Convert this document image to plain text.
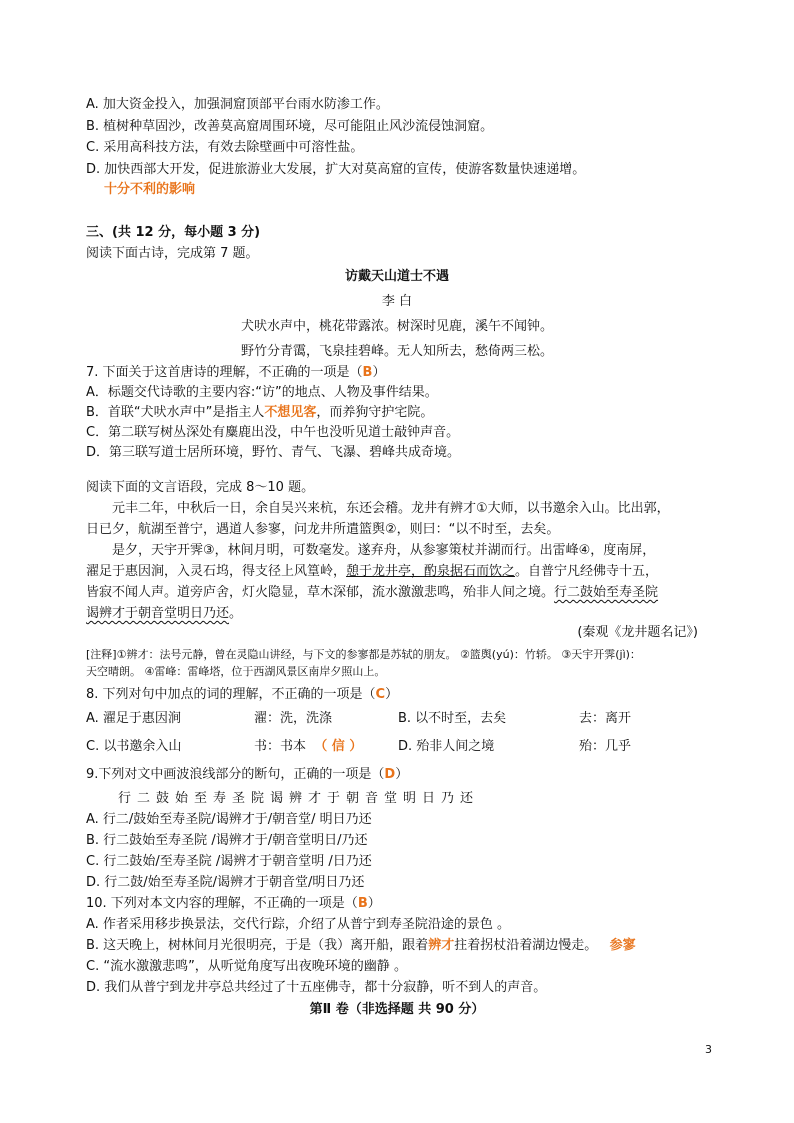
A. 加大资金投入，加强洞窟顶部平台雨水防渗工作。
B. 植树种草固沙，改善莫高窟周围环境，尽可能阻止风沙流侵蚀洞窟。
C. 采用高科技方法，有效去除壁画中可溶性盐。
D. 加快西部大开发，促进旅游业大发展，扩大对莫高窟的宣传，使游客数量快速递增。
十分不利的影响
三、(共 12 分，每小题 3 分)
阅读下面古诗，完成第 7 题。
访戴天山道士不遇
李 白
犬吠水声中，桃花带露浓。树深时见鹿，溪午不闻钟。
野竹分青霭，飞泉挂碧峰。无人知所去，愁倚两三松。
7. 下面关于这首唐诗的理解，不正确的一项是（B）
A．标题交代诗歌的主要内容:“访”的地点、人物及事件结果。
B．首联“犬吠水声中”是指主人不想见客，而养狗守护宅院。
C．第二联写树丛深处有麋鹿出没，中午也没听见道士敲钟声音。
D．第三联写道士居所环境，野竹、青气、飞瀑、碧峰共成奇境。
阅读下面的文言语段，完成 8～10 题。
元丰二年，中秋后一日，余自吴兴来杭，东还会稽。龙井有辨才①大师，以书邀余入山。比出郭，
日已夕，航湖至普宁，遇道人参寥，问龙井所遣篮舆②，则曰：“以不时至，去矣。
是夕，天宇开霁③，林间月明，可数毫发。遂弃舟，从参寥策杖并湖而行。出雷峰④，度南屏，
濯足于惠因涧，入灵石坞，得支径上风篁岭，憩于龙井亭，酌泉据石而饮之。自普宁凡经佛寺十五，
皆寂不闻人声。道旁庐舍，灯火隐显，草木深郁，流水激激悲鸣，殆非人间之境。行二鼓始至寿圣院
谒辨才于朝音堂明日乃还。
(秦观《龙井题名记》)
[注释]①辨才：法号元静，曾在灵隐山讲经，与下文的参寥都是苏轼的朋友。 ②篮舆(yú)：竹轿。 ③天宇开霁(jì)：
天空晴朗。 ④雷峰：雷峰塔，位于西湖风景区南岸夕照山上。
8. 下列对句中加点的词的理解，不正确的一项是（C）
A. 濯足于惠因涧	濯：洗，洗涤	B. 以不时至，去矣	去：离开
C. 以书邀余入山	书：书本 （ 信 ）	D. 殆非人间之境	殆：几乎
9.下列对文中画波浪线部分的断句，正确的一项是（D）
行二鼓始至寿圣院谒辨才于朝音堂明日乃还
A. 行二/鼓始至寿圣院/谒辨才于/朝音堂/ 明日乃还
B. 行二鼓始至寿圣院 /谒辨才于/朝音堂明日/乃还
C. 行二鼓始/至寿圣院 /谒辨才于朝音堂明 /日乃还
D. 行二鼓/始至寿圣院/谒辨才于朝音堂/明日乃还
10. 下列对本文内容的理解，不正确的一项是（B）
A. 作者采用移步换景法，交代行踪，介绍了从普宁到寿圣院沿途的景色 。
B. 这天晚上，树林间月光很明亮，于是（我）离开船，跟着辨才拄着拐杖沿着湖边慢走。 参寥
C. “流水激激悲鸣”，从听觉角度写出夜晚环境的幽静 。
D. 我们从普宁到龙井亭总共经过了十五座佛寺，都十分寂静，听不到人的声音。
第Ⅱ 卷（非选择题 共 90 分）
3
